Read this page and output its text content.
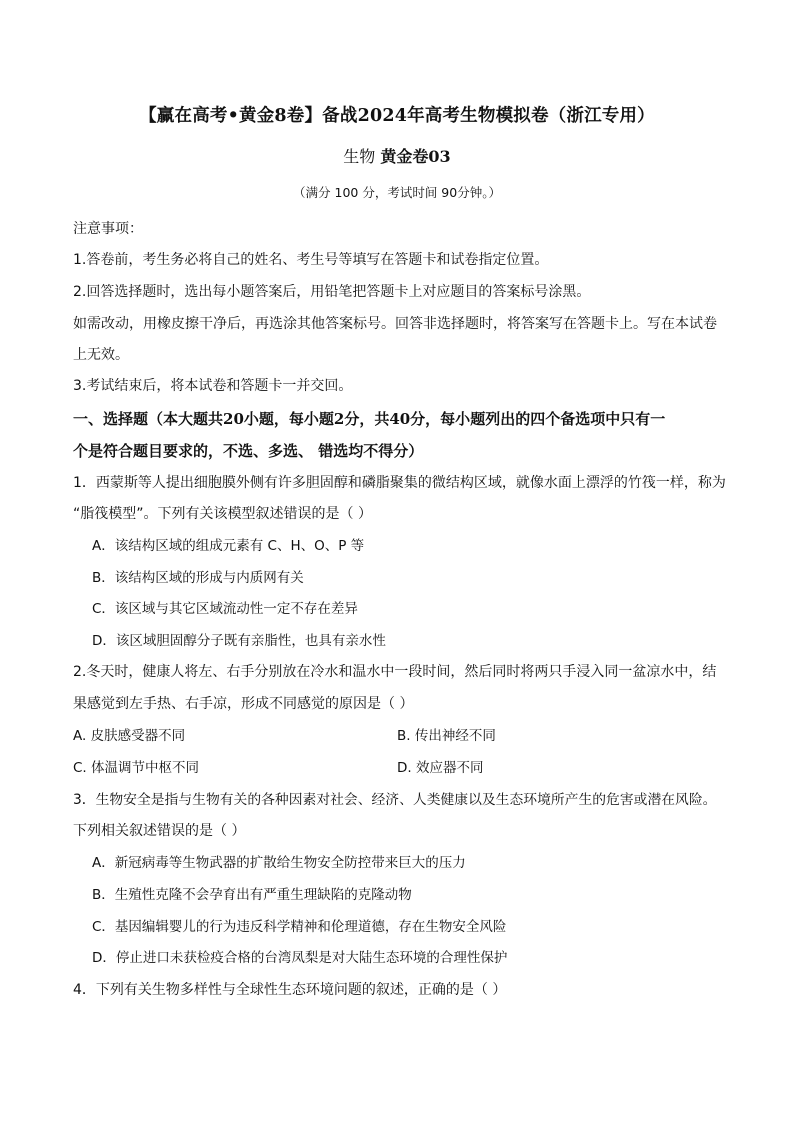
【赢在高考•黄金8卷】备战2024年高考生物模拟卷（浙江专用）
生物 黄金卷03
（满分 100 分，考试时间 90分钟。）
注意事项：
1.答卷前，考生务必将自己的姓名、考生号等填写在答题卡和试卷指定位置。
2.回答选择题时，选出每小题答案后，用铅笔把答题卡上对应题目的答案标号涂黑。
如需改动，用橡皮擦干净后，再选涂其他答案标号。回答非选择题时，将答案写在答题卡上。写在本试卷
上无效。
3.考试结束后，将本试卷和答题卡一并交回。
一、选择题（本大题共20小题，每小题2分，共40分，每小题列出的四个备选项中只有一
个是符合题目要求的，不选、多选、 错选均不得分）
1．西蒙斯等人提出细胞膜外侧有许多胆固醇和磷脂聚集的微结构区域，就像水面上漂浮的竹筏一样，称为
“脂筏模型”。下列有关该模型叙述错误的是（ ）
A．该结构区域的组成元素有 C、H、O、P 等
B．该结构区域的形成与内质网有关
C．该区域与其它区域流动性一定不存在差异
D．该区域胆固醇分子既有亲脂性，也具有亲水性
2.冬天时，健康人将左、右手分别放在冷水和温水中一段时间，然后同时将两只手浸入同一盆凉水中，结
果感觉到左手热、右手凉，形成不同感觉的原因是（ ）
A. 皮肤感受器不同	B. 传出神经不同
C. 体温调节中枢不同	D. 效应器不同
3．生物安全是指与生物有关的各种因素对社会、经济、人类健康以及生态环境所产生的危害或潜在风险。
下列相关叙述错误的是（ ）
A．新冠病毒等生物武器的扩散给生物安全防控带来巨大的压力
B．生殖性克隆不会孕育出有严重生理缺陷的克隆动物
C．基因编辑婴儿的行为违反科学精神和伦理道德，存在生物安全风险
D．停止进口未获检疫合格的台湾凤梨是对大陆生态环境的合理性保护
4．下列有关生物多样性与全球性生态环境问题的叙述，正确的是（ ）
